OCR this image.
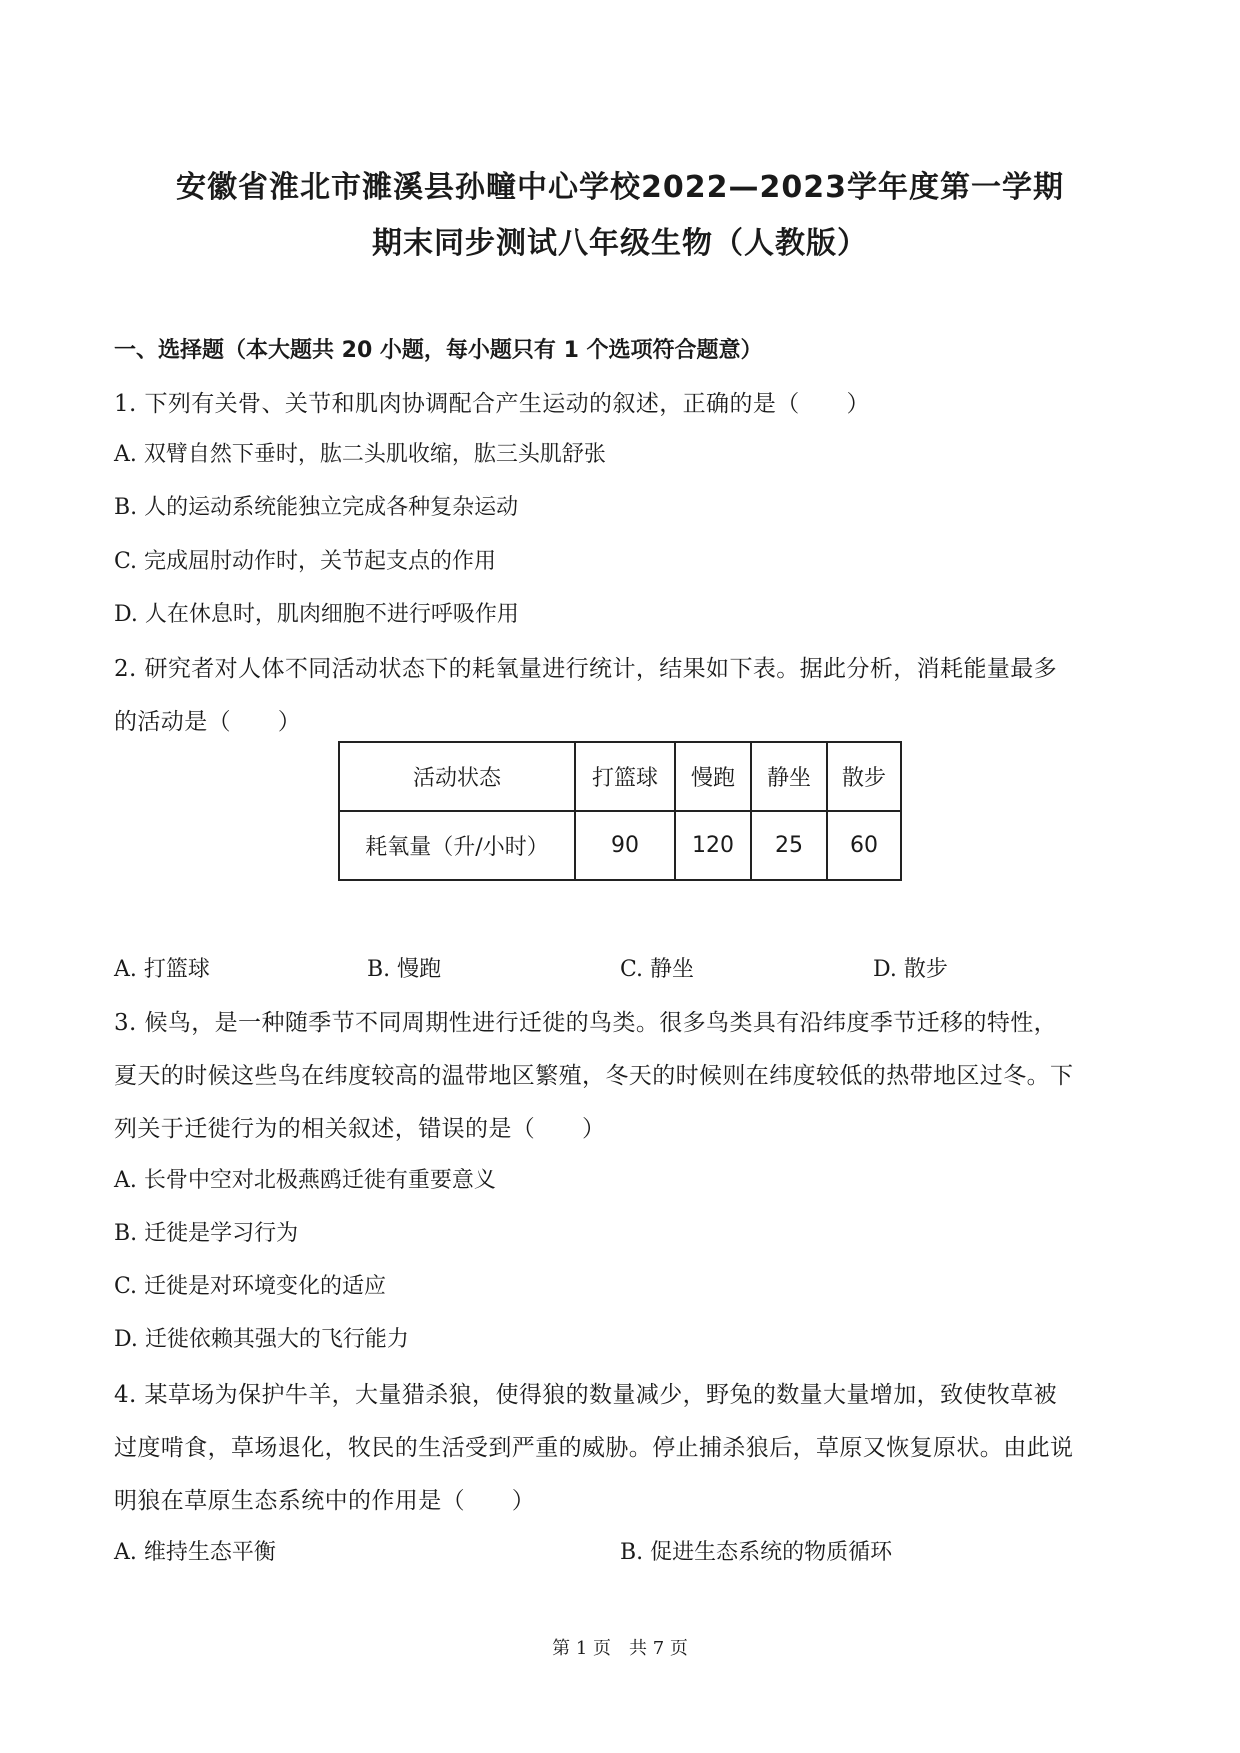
安徽省淮北市濉溪县孙疃中心学校2022—2023学年度第一学期
期末同步测试八年级生物（人教版）
一、选择题（本大题共 20 小题，每小题只有 1 个选项符合题意）
1. 下列有关骨、关节和肌肉协调配合产生运动的叙述，正确的是（　　）
A. 双臂自然下垂时，肱二头肌收缩，肱三头肌舒张
B. 人的运动系统能独立完成各种复杂运动
C. 完成屈肘动作时，关节起支点的作用
D. 人在休息时，肌肉细胞不进行呼吸作用
2. 研究者对人体不同活动状态下的耗氧量进行统计，结果如下表。据此分析，消耗能量最多
的活动是（　　）
活动状态	打篮球	慢跑	静坐	散步
耗氧量（升/小时）	90	120	25	60
A. 打篮球	B. 慢跑	C. 静坐	D. 散步
3. 候鸟，是一种随季节不同周期性进行迁徙的鸟类。很多鸟类具有沿纬度季节迁移的特性，
夏天的时候这些鸟在纬度较高的温带地区繁殖，冬天的时候则在纬度较低的热带地区过冬。下
列关于迁徙行为的相关叙述，错误的是（　　）
A. 长骨中空对北极燕鸥迁徙有重要意义
B. 迁徙是学习行为
C. 迁徙是对环境变化的适应
D. 迁徙依赖其强大的飞行能力
4. 某草场为保护牛羊，大量猎杀狼，使得狼的数量减少，野兔的数量大量增加，致使牧草被
过度啃食，草场退化，牧民的生活受到严重的威胁。停止捕杀狼后，草原又恢复原状。由此说
明狼在草原生态系统中的作用是（　　）
A. 维持生态平衡	B. 促进生态系统的物质循环
第 1 页　共 7 页
